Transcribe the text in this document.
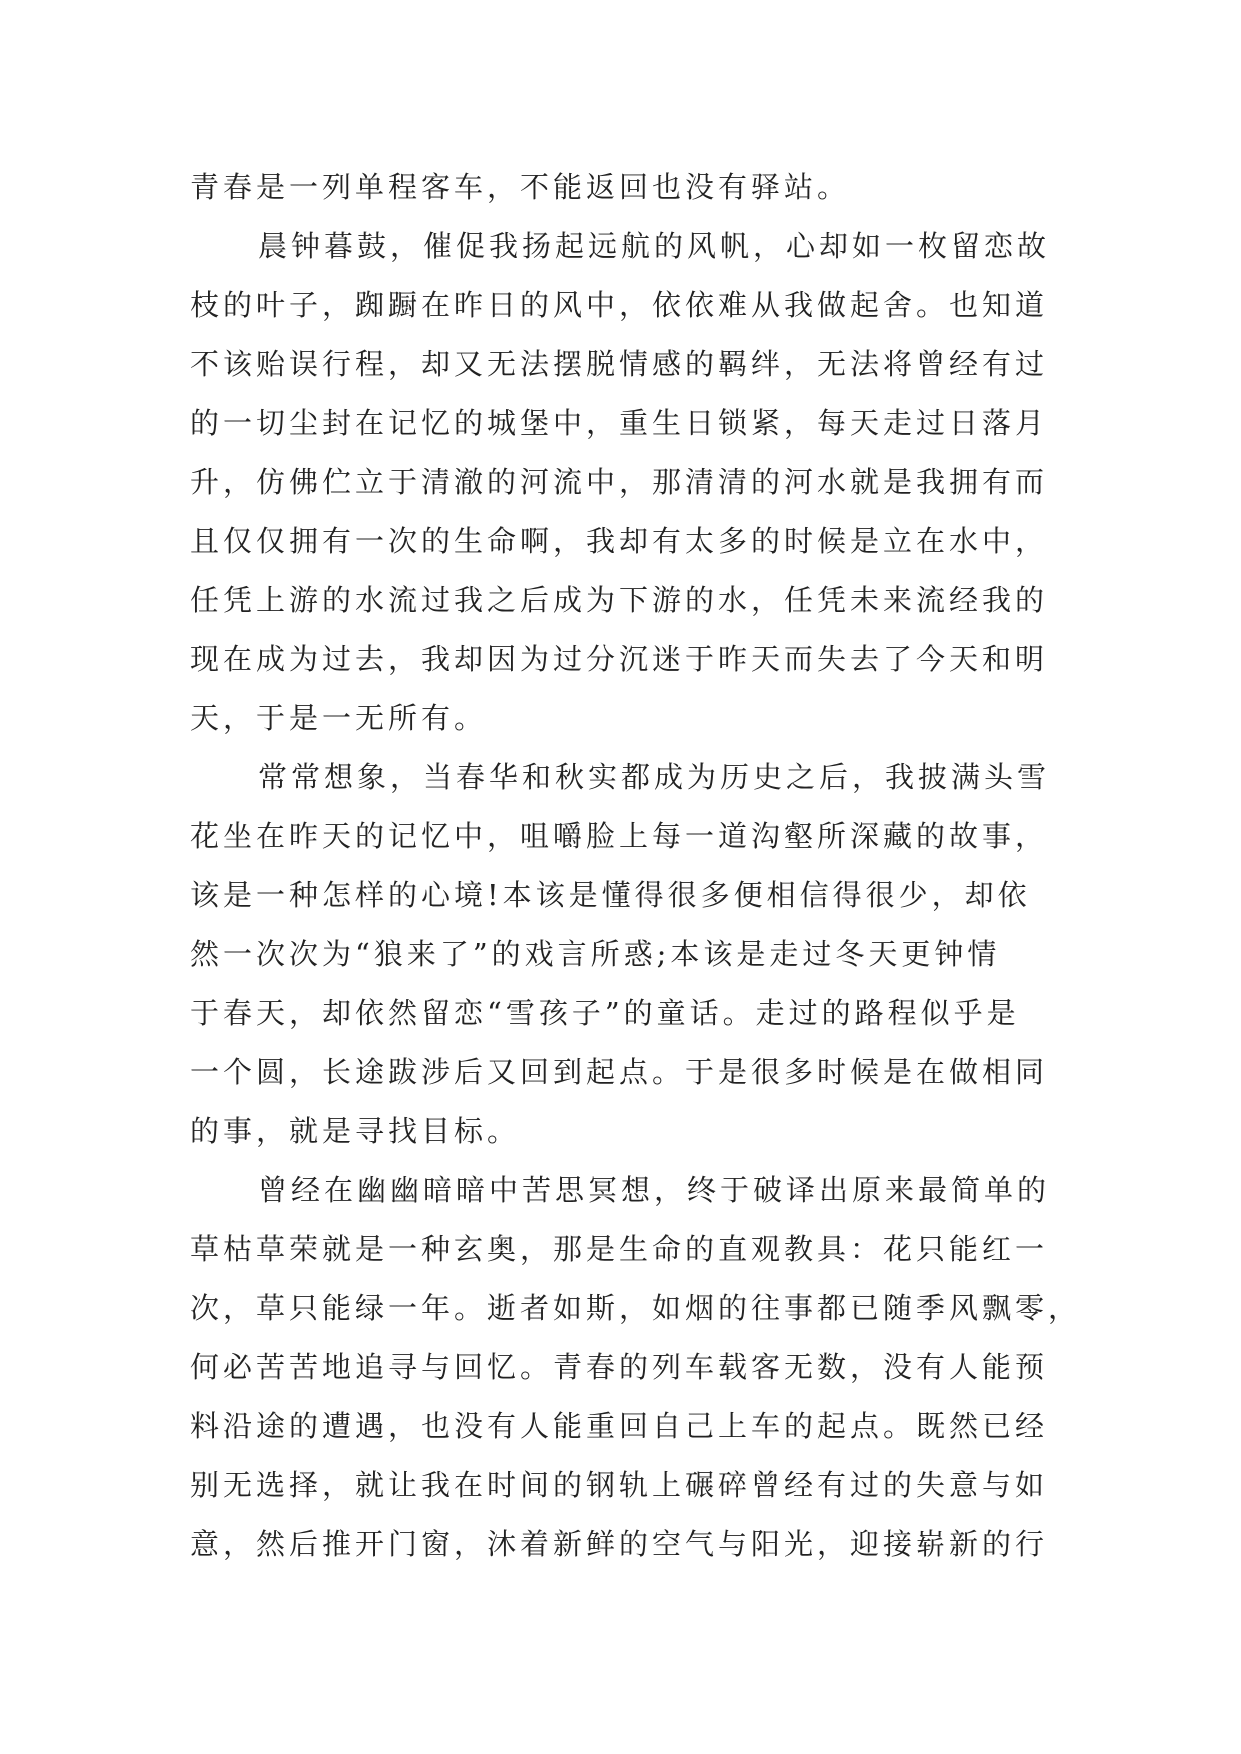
青春是一列单程客车，不能返回也没有驿站。
晨钟暮鼓，催促我扬起远航的风帆，心却如一枚留恋故
枝的叶子，踟蹰在昨日的风中，依依难从我做起舍。也知道
不该贻误行程，却又无法摆脱情感的羁绊，无法将曾经有过
的一切尘封在记忆的城堡中，重生日锁紧，每天走过日落月
升，仿佛伫立于清澈的河流中，那清清的河水就是我拥有而
且仅仅拥有一次的生命啊，我却有太多的时候是立在水中，
任凭上游的水流过我之后成为下游的水，任凭未来流经我的
现在成为过去，我却因为过分沉迷于昨天而失去了今天和明
天，于是一无所有。
常常想象，当春华和秋实都成为历史之后，我披满头雪
花坐在昨天的记忆中，咀嚼脸上每一道沟壑所深藏的故事，
该是一种怎样的心境!本该是懂得很多便相信得很少，却依
然一次次为“狼来了”的戏言所惑;本该是走过冬天更钟情
于春天，却依然留恋“雪孩子”的童话。走过的路程似乎是
一个圆，长途跋涉后又回到起点。于是很多时候是在做相同
的事，就是寻找目标。
曾经在幽幽暗暗中苦思冥想，终于破译出原来最简单的
草枯草荣就是一种玄奥，那是生命的直观教具：花只能红一
次，草只能绿一年。逝者如斯，如烟的往事都已随季风飘零，
何必苦苦地追寻与回忆。青春的列车载客无数，没有人能预
料沿途的遭遇，也没有人能重回自己上车的起点。既然已经
别无选择，就让我在时间的钢轨上碾碎曾经有过的失意与如
意，然后推开门窗，沐着新鲜的空气与阳光，迎接崭新的行
